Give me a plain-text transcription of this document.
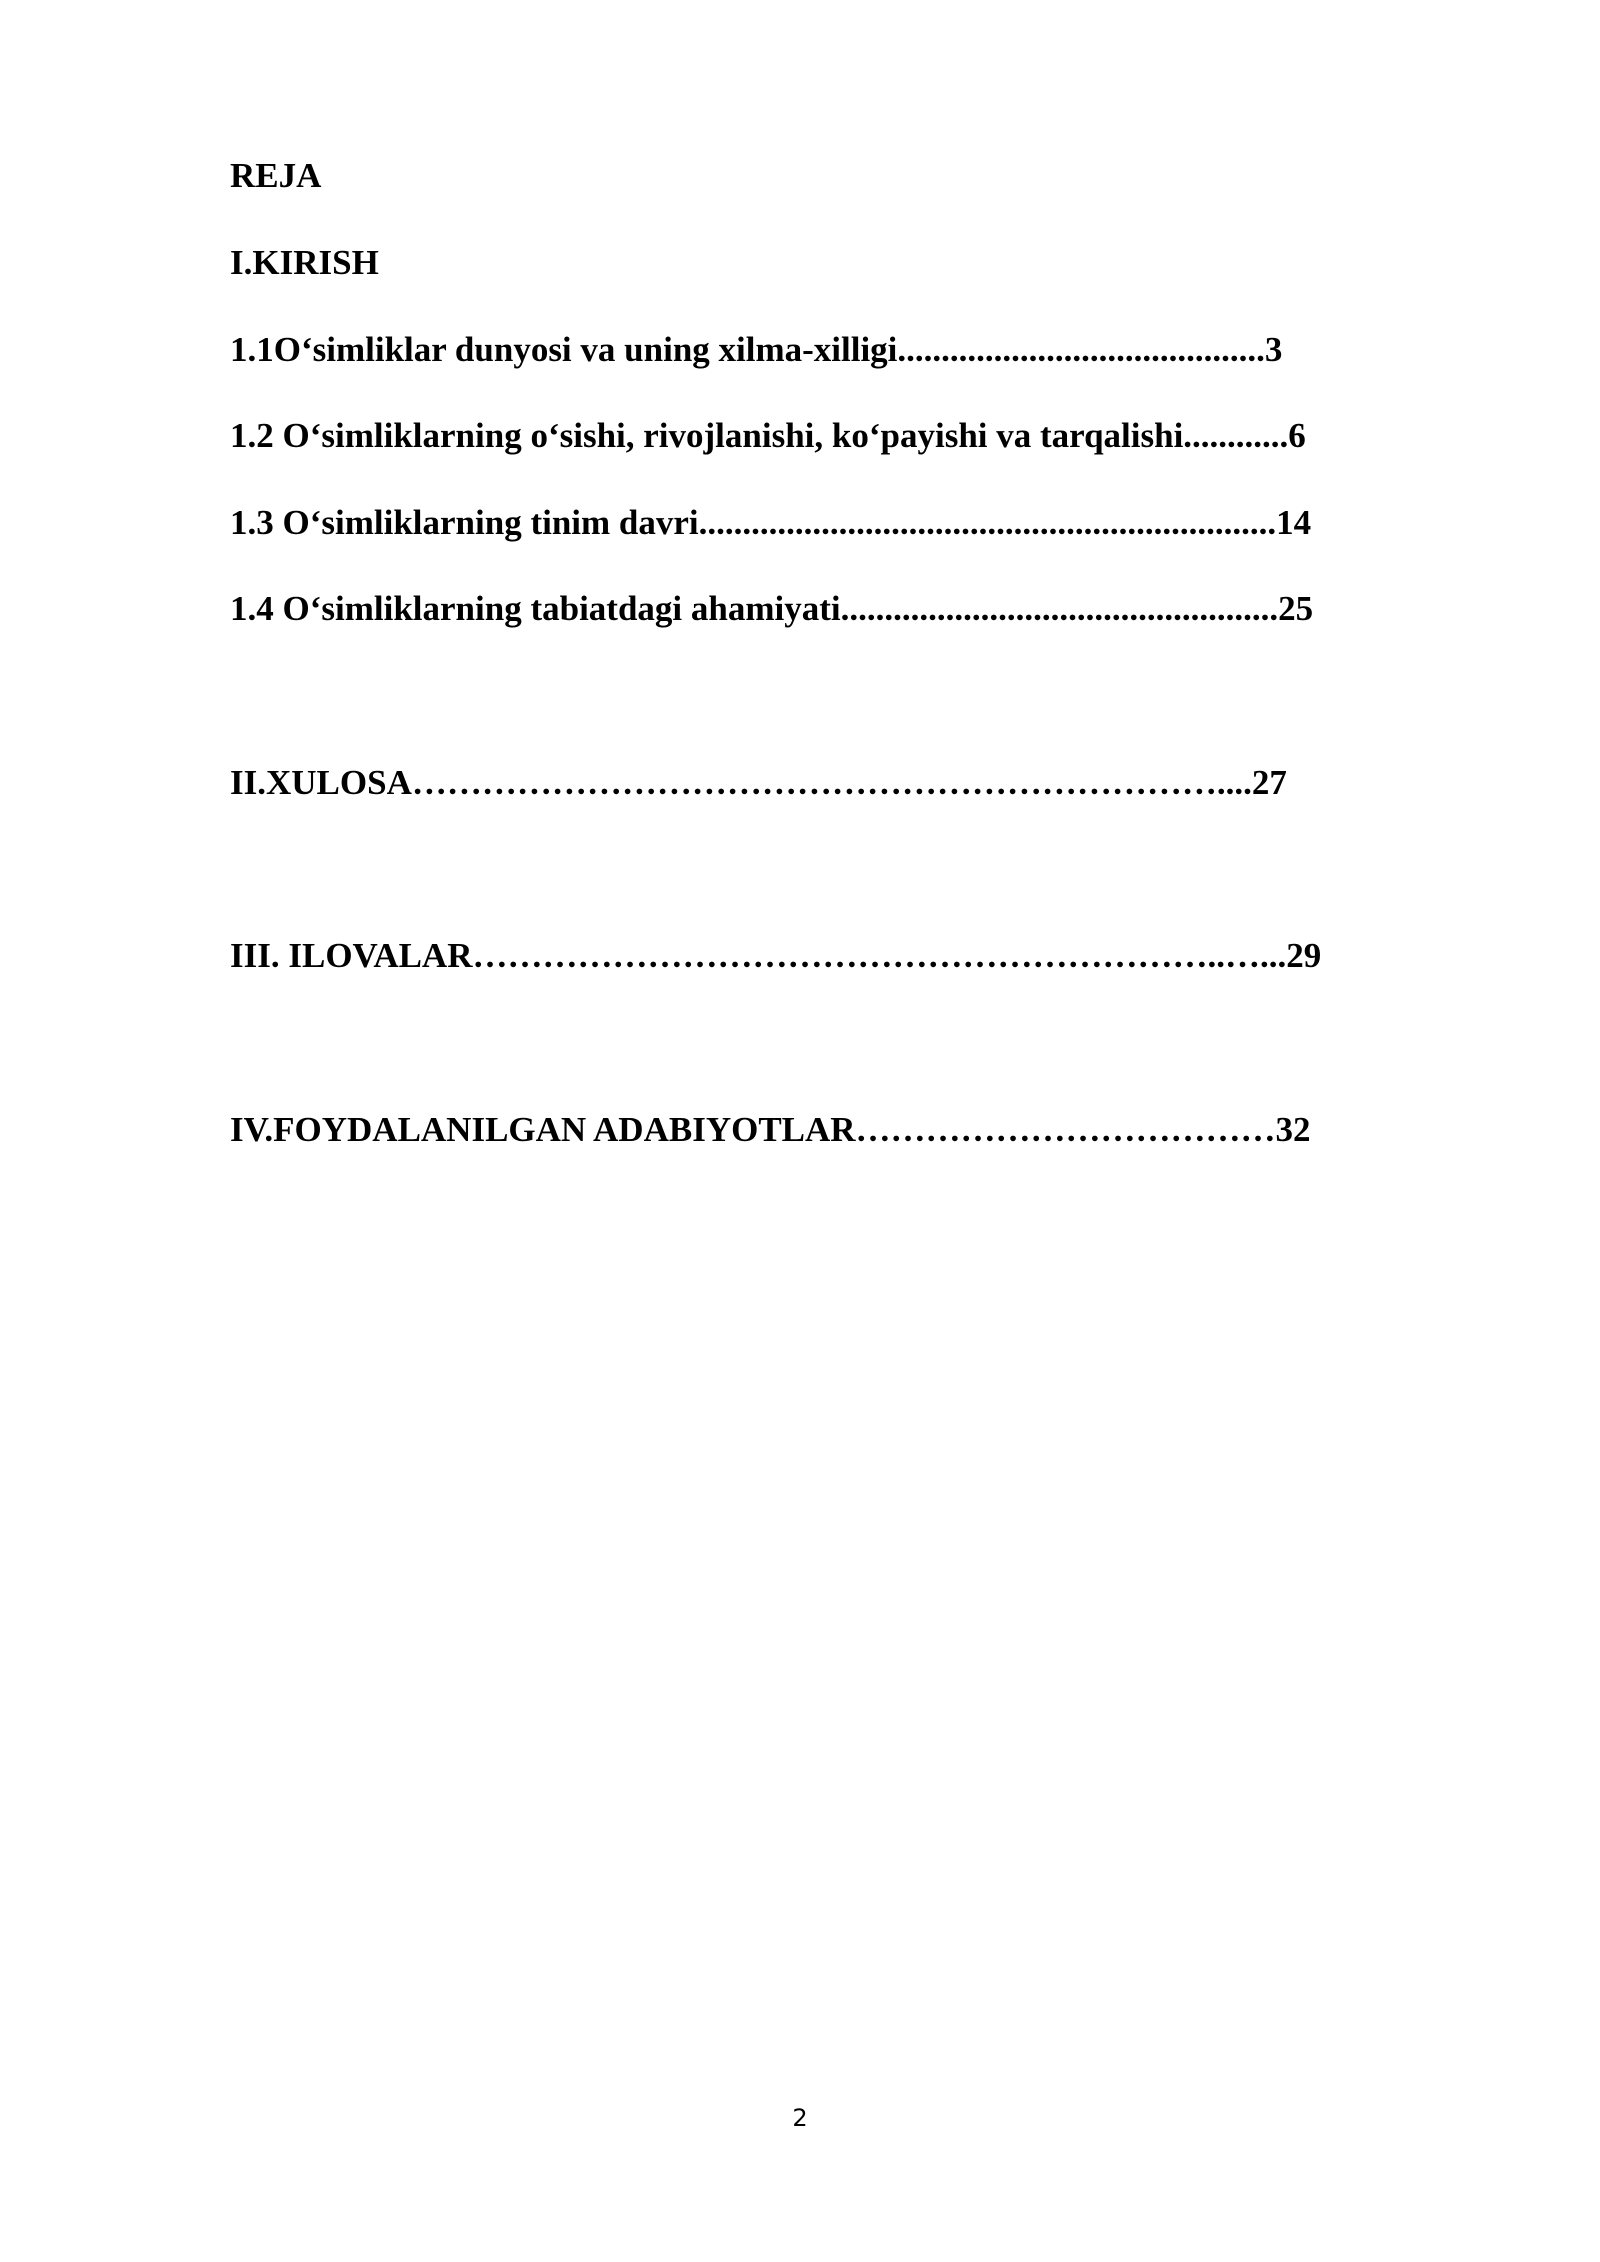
REJA
I.KIRISH
1.1O‘simliklar dunyosi va uning xilma-xilligi..........................................3
1.2 O‘simliklarning o‘sishi, rivojlanishi, ko‘payishi va tarqalishi............6
1.3 O‘simliklarning tinim davri..................................................................14
1.4 O‘simliklarning tabiatdagi ahamiyati..................................................25
II.XULOSA……………………………………………………………....27
III. ILOVALAR………………………………………………………..…...29
IV.FOYDALANILGAN ADABIYOTLAR………………………………32
2
